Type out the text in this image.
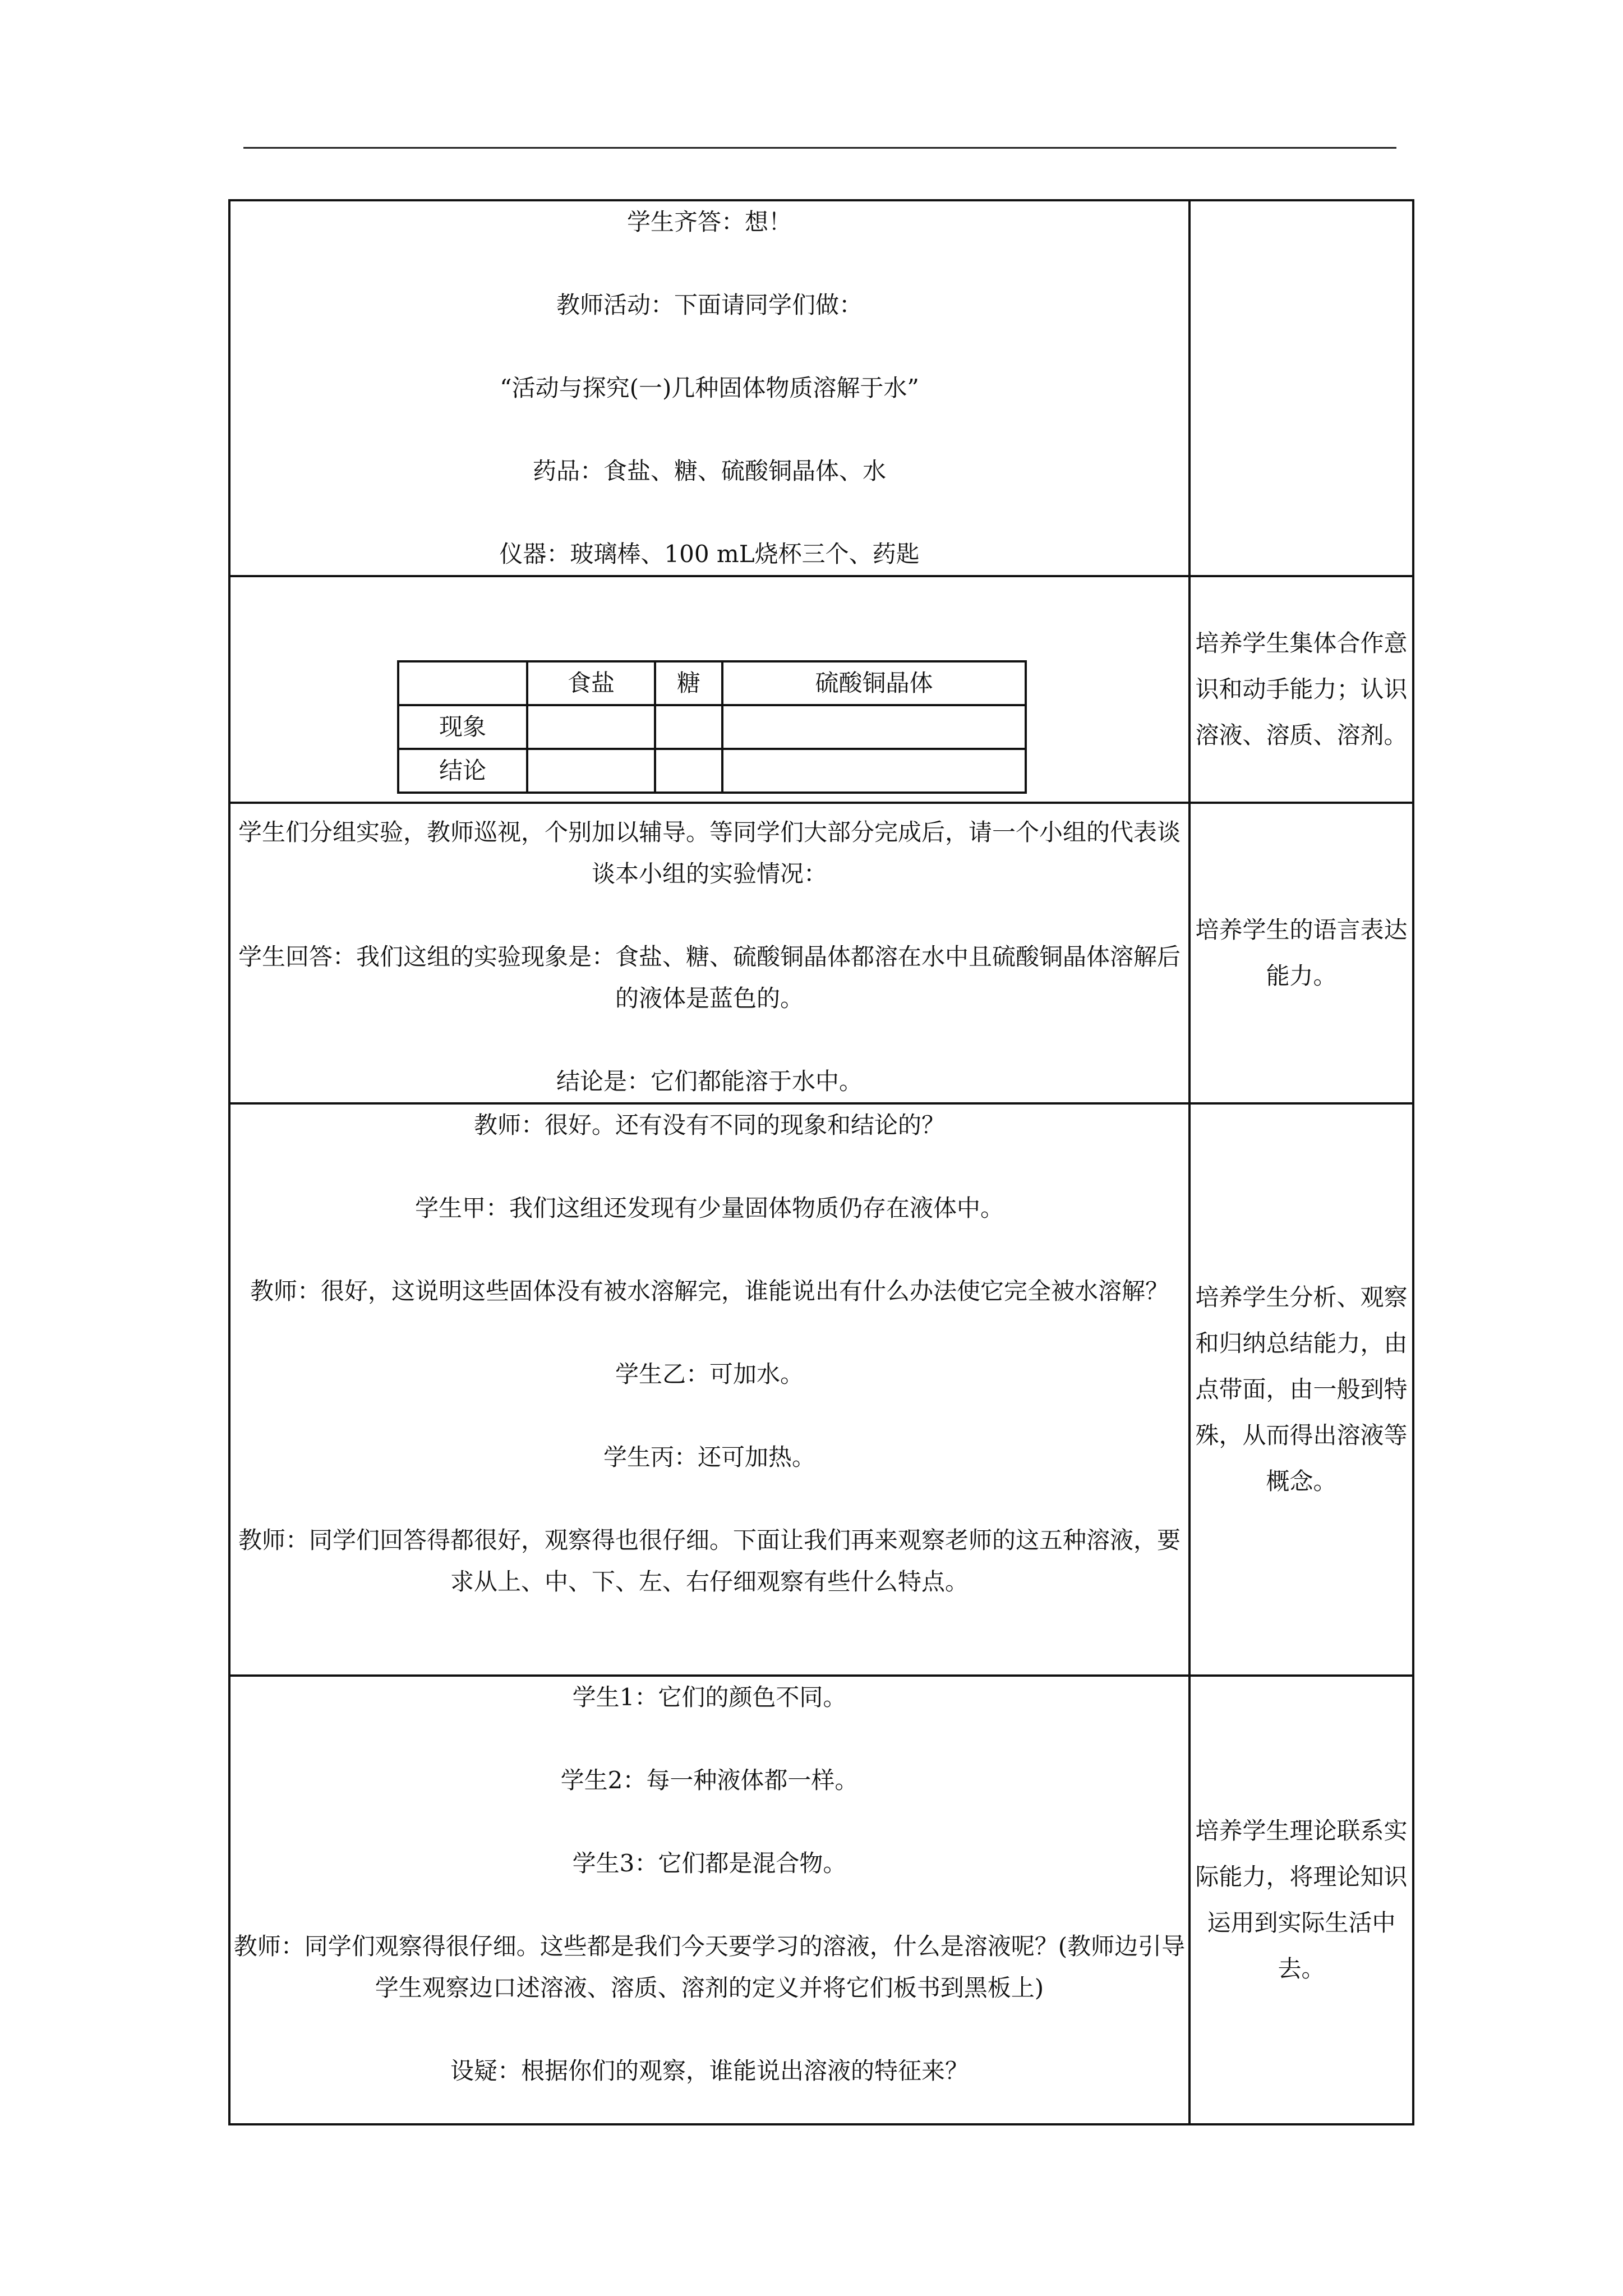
学生齐答：想！

教师活动：下面请同学们做：

“活动与探究(一)几种固体物质溶解于水”

药品：食盐、糖、硫酸铜晶体、水

仪器：玻璃棒、100 mL烧杯三个、药匙

	食盐	糖	硫酸铜晶体
现象			
结论			
	培养学生集体合作意识和动手能力；认识溶液、溶质、溶剂。

学生们分组实验，教师巡视，个别加以辅导。等同学们大部分完成后，请一个小组的代表谈谈本小组的实验情况：

学生回答：我们这组的实验现象是：食盐、糖、硫酸铜晶体都溶在水中且硫酸铜晶体溶解后的液体是蓝色的。

结论是：它们都能溶于水中。

	培养学生的语言表达能力。

教师：很好。还有没有不同的现象和结论的？

学生甲：我们这组还发现有少量固体物质仍存在液体中。

教师：很好，这说明这些固体没有被水溶解完，谁能说出有什么办法使它完全被水溶解？

学生乙：可加水。

学生丙：还可加热。

教师：同学们回答得都很好，观察得也很仔细。下面让我们再来观察老师的这五种溶液，要求从上、中、下、左、右仔细观察有些什么特点。

	培养学生分析、观察和归纳总结能力，由点带面，由一般到特殊，从而得出溶液等概念。

学生1：它们的颜色不同。

学生2：每一种液体都一样。

学生3：它们都是混合物。

教师：同学们观察得很仔细。这些都是我们今天要学习的溶液，什么是溶液呢？(教师边引导学生观察边口述溶液、溶质、溶剂的定义并将它们板书到黑板上)

设疑：根据你们的观察，谁能说出溶液的特征来？

	培养学生理论联系实际能力，将理论知识运用到实际生活中去。
